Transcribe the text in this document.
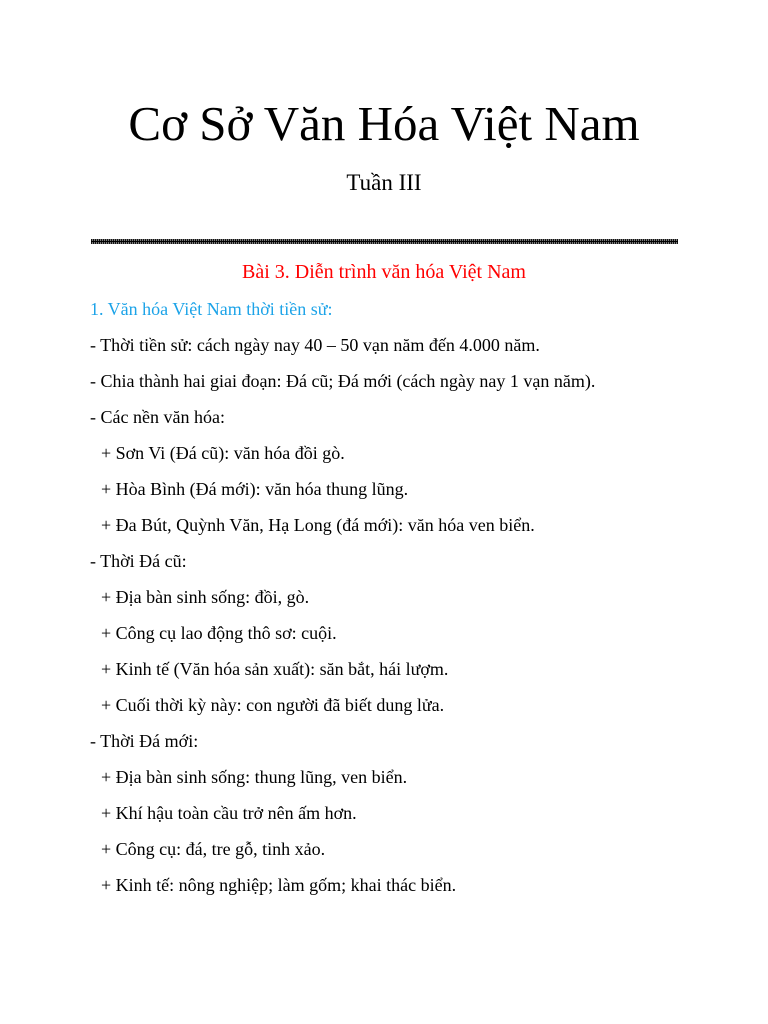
Cơ Sở Văn Hóa Việt Nam
Tuần III
Bài 3. Diễn trình văn hóa Việt Nam
1. Văn hóa Việt Nam thời tiền sử:
- Thời tiền sử: cách ngày nay 40 – 50 vạn năm đến 4.000 năm.
- Chia thành hai giai đoạn: Đá cũ; Đá mới (cách ngày nay 1 vạn năm).
- Các nền văn hóa:
+ Sơn Vi (Đá cũ): văn hóa đồi gò.
+ Hòa Bình (Đá mới): văn hóa thung lũng.
+ Đa Bút, Quỳnh Văn, Hạ Long (đá mới): văn hóa ven biển.
- Thời Đá cũ:
+ Địa bàn sinh sống: đồi, gò.
+ Công cụ lao động thô sơ: cuội.
+ Kinh tế (Văn hóa sản xuất): săn bắt, hái lượm.
+ Cuối thời kỳ này: con người đã biết dung lửa.
- Thời Đá mới:
+ Địa bàn sinh sống: thung lũng, ven biển.
+ Khí hậu toàn cầu trở nên ấm hơn.
+ Công cụ: đá, tre gỗ, tinh xảo.
+ Kinh tế: nông nghiệp; làm gốm; khai thác biển.
